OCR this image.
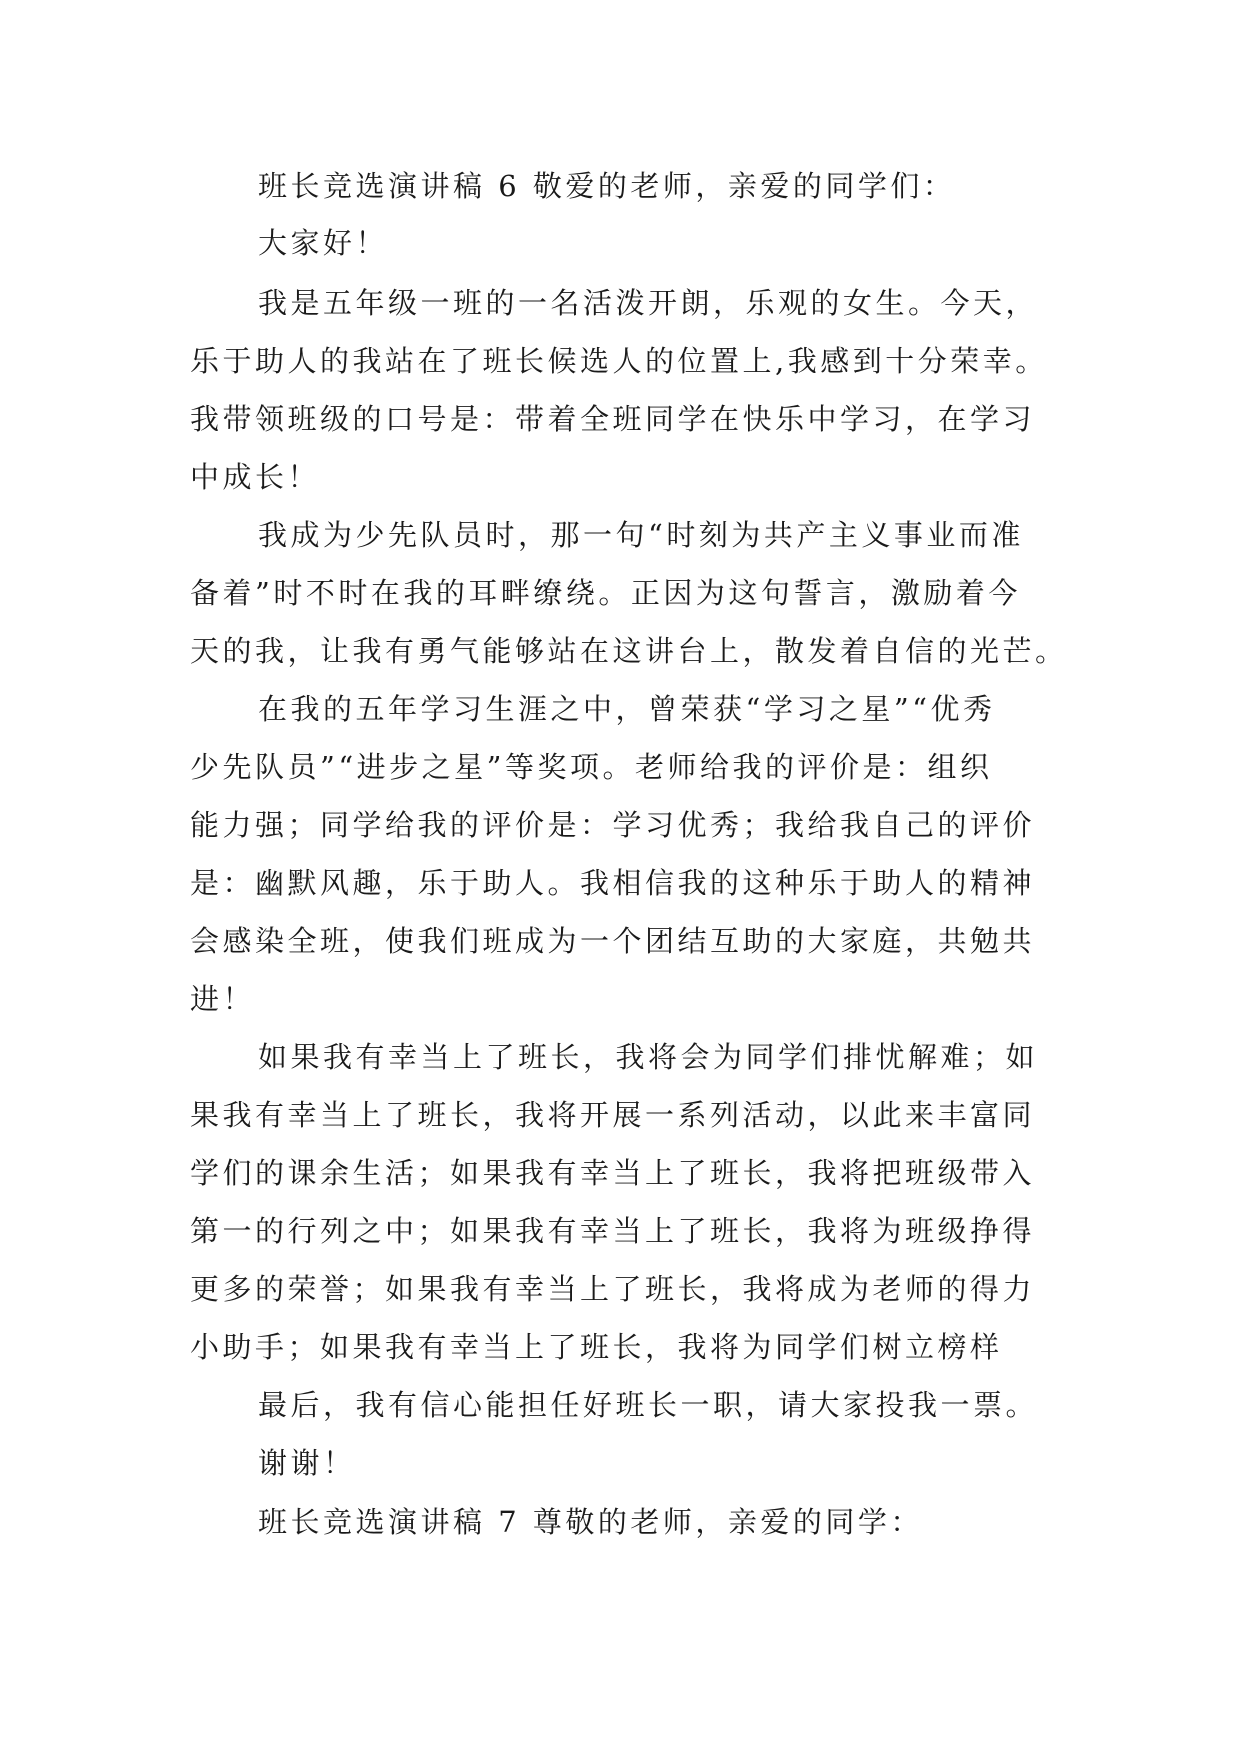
班长竞选演讲稿 6 敬爱的老师，亲爱的同学们：
大家好！
我是五年级一班的一名活泼开朗，乐观的女生。今天，
乐于助人的我站在了班长候选人的位置上,我感到十分荣幸。
我带领班级的口号是：带着全班同学在快乐中学习，在学习
中成长！
我成为少先队员时，那一句“时刻为共产主义事业而准
备着”时不时在我的耳畔缭绕。正因为这句誓言，激励着今
天的我，让我有勇气能够站在这讲台上，散发着自信的光芒。
在我的五年学习生涯之中，曾荣获“学习之星”“优秀
少先队员”“进步之星”等奖项。老师给我的评价是：组织
能力强；同学给我的评价是：学习优秀；我给我自己的评价
是：幽默风趣，乐于助人。我相信我的这种乐于助人的精神
会感染全班，使我们班成为一个团结互助的大家庭，共勉共
进！
如果我有幸当上了班长，我将会为同学们排忧解难；如
果我有幸当上了班长，我将开展一系列活动，以此来丰富同
学们的课余生活；如果我有幸当上了班长，我将把班级带入
第一的行列之中；如果我有幸当上了班长，我将为班级挣得
更多的荣誉；如果我有幸当上了班长，我将成为老师的得力
小助手；如果我有幸当上了班长，我将为同学们树立榜样
最后，我有信心能担任好班长一职，请大家投我一票。
谢谢！
班长竞选演讲稿 7 尊敬的老师，亲爱的同学：
